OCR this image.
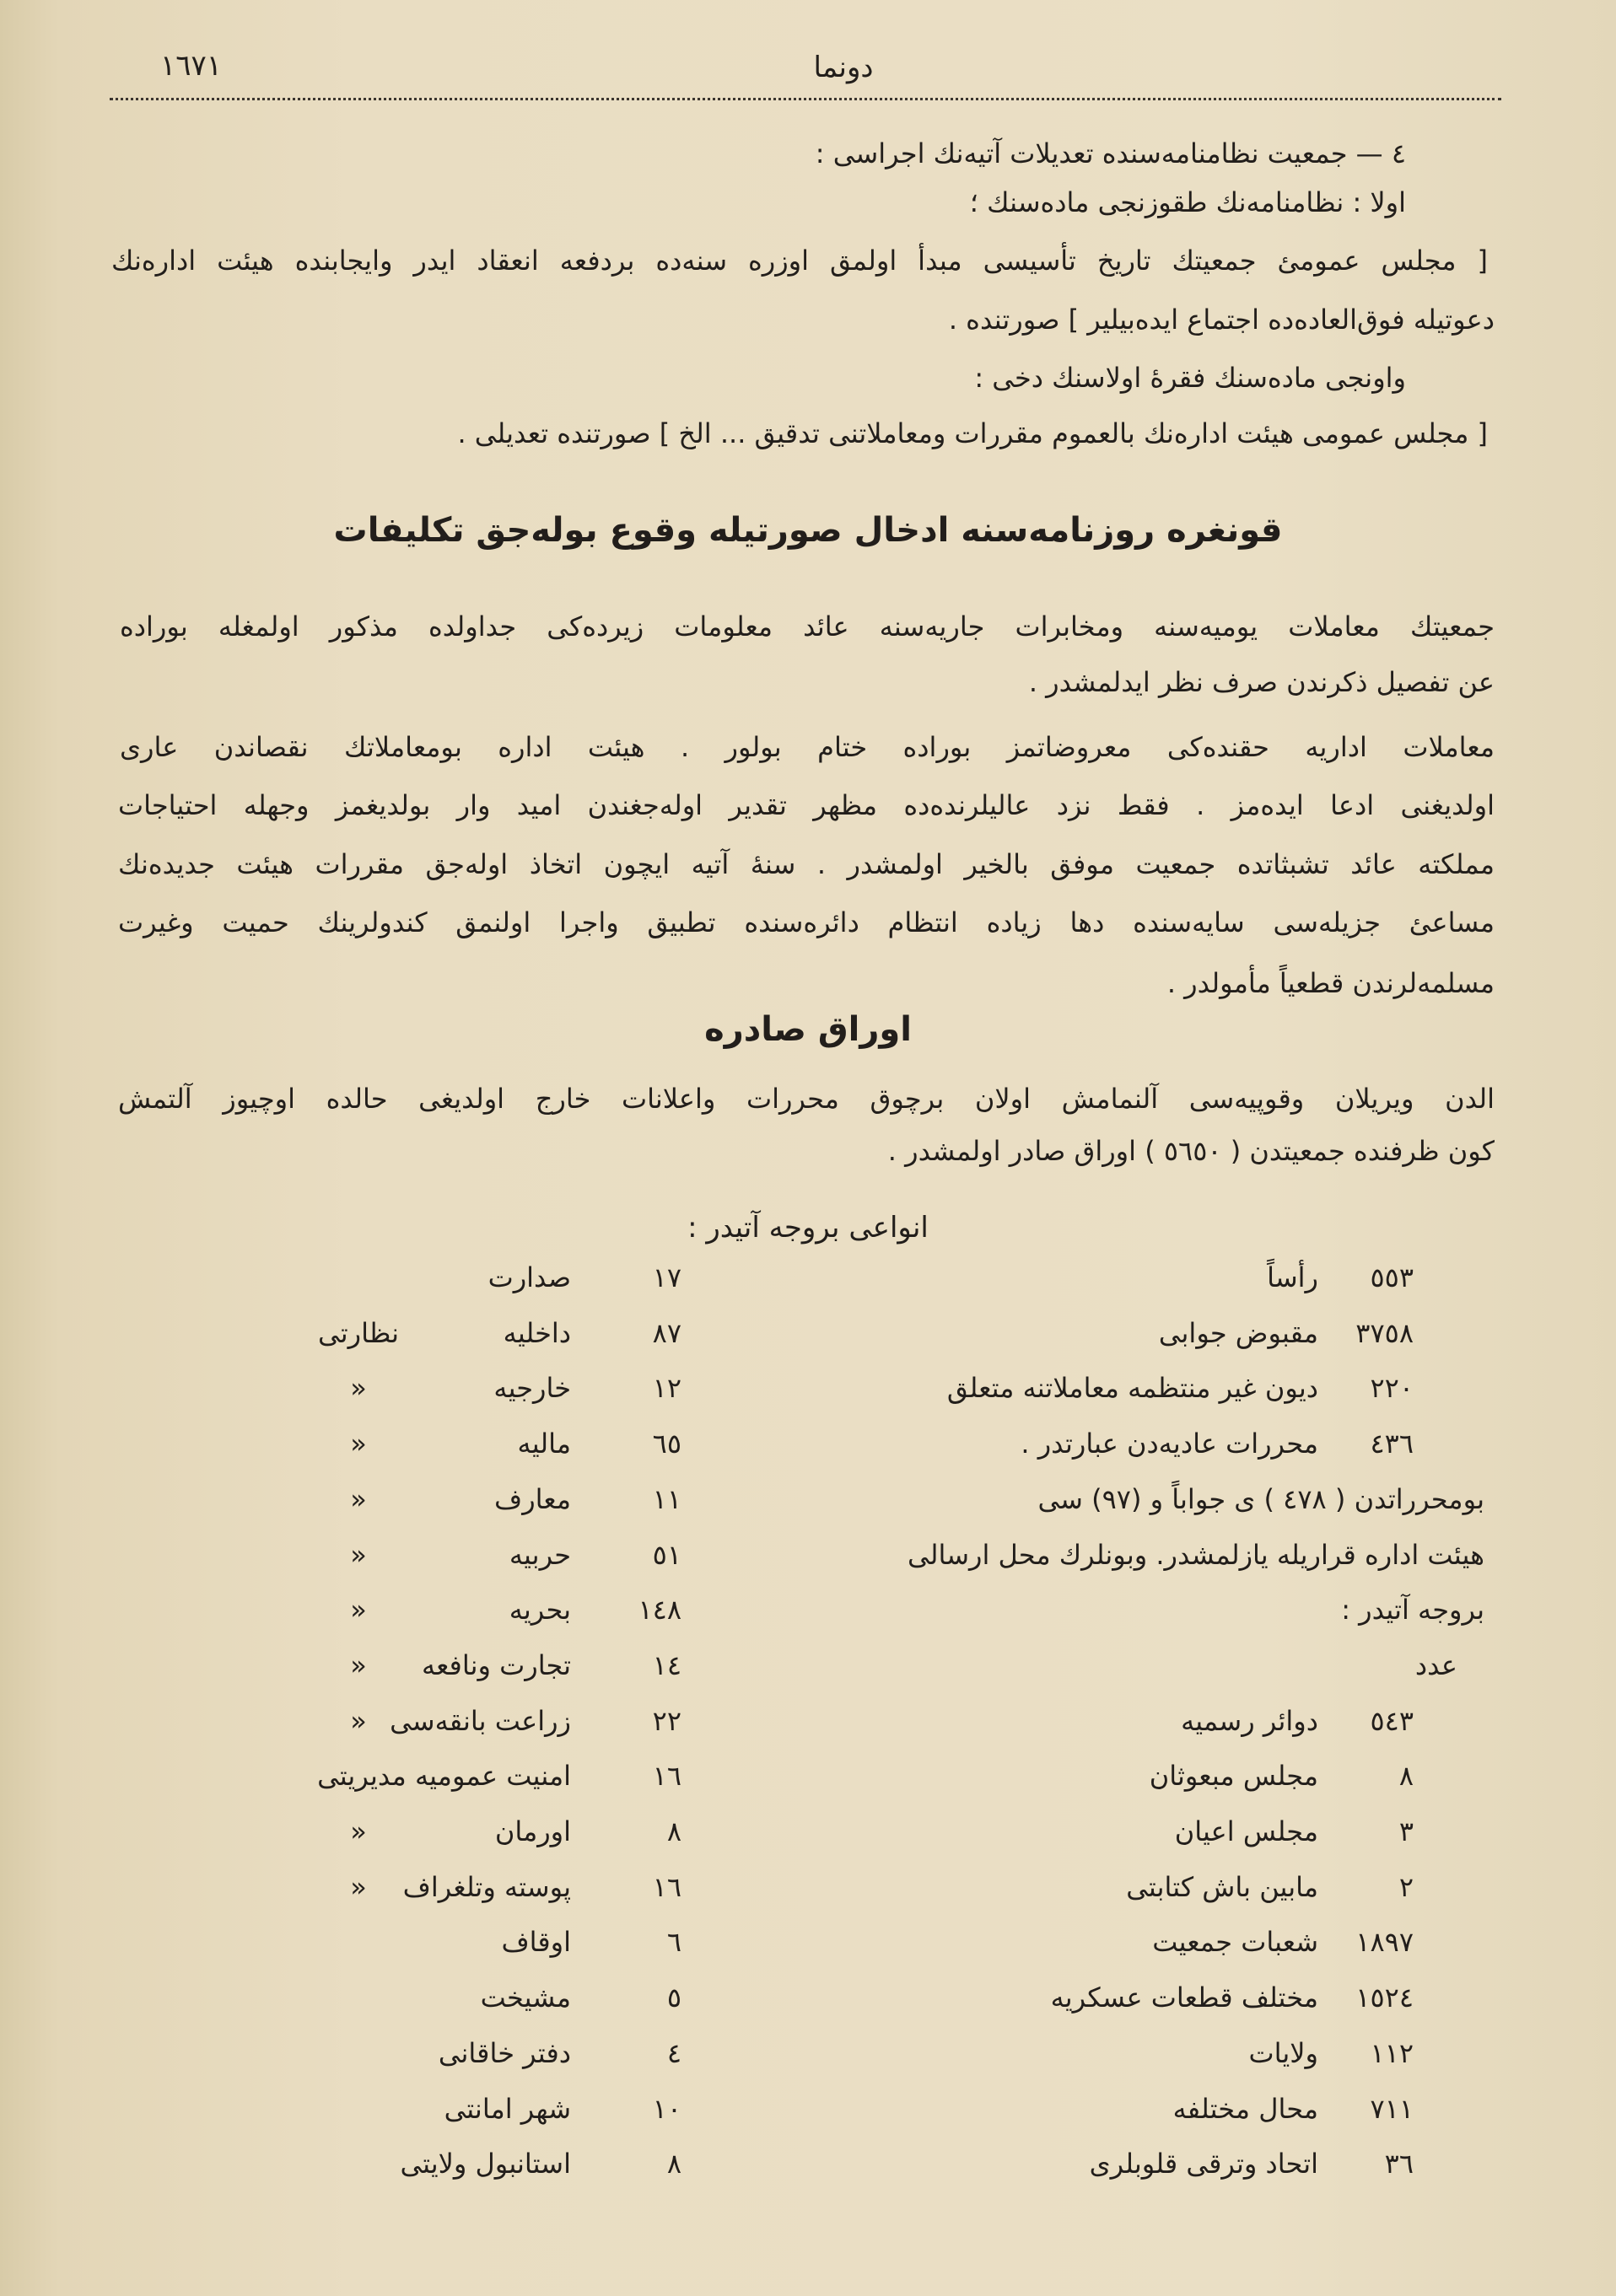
١٦٧١	دونما
٤ — جمعيت نظامنامه‌سنده تعديلات آتيه‌نك اجراسى :
اولا : نظامنامه‌نك طقوزنجى ماده‌سنك ؛
[ مجلس عمومئ جمعيتك تاريخ تأسيسى مبدأ اولمق اوزره سنه‌ده بردفعه انعقاد ايدر وايجابنده هيئت اداره‌نك
دعوتيله فوق‌العاده‌ده اجتماع ايده‌بيلير ] صورتنده .
واونجى ماده‌سنك فقرهٔ اولاسنك دخى :
[ مجلس عمومى هيئت اداره‌نك بالعموم مقررات ومعاملاتنى تدقيق ... الخ ] صورتنده تعديلى .
قونغره روزنامه‌سنه ادخال صورتيله وقوع بوله‌جق تكليفات
جمعيتك معاملات يوميه‌سنه ومخابرات جاريه‌سنه عائد معلومات زيرده‌كى جداولده مذكور اولمغله بوراده
عن تفصيل ذكرندن صرف نظر ايدلمشدر .
معاملات اداريه حقنده‌كى معروضاتمز بوراده ختام بولور . هيئت اداره بومعاملاتك نقصاندن عارى
اولديغنى ادعا ايده‌مز . فقط نزد عاليلرنده‌ده مظهر تقدير اوله‌جغندن اميد وار بولديغمز وجهله احتياجات
مملكته عائد تشبثاتده جمعيت موفق بالخير اولمشدر . سنهٔ آتيه ايچون اتخاذ اوله‌جق مقررات هيئت جديده‌نك
مساعئ جزيله‌سى سايه‌سنده دها زياده انتظام دائره‌سنده تطبيق واجرا اولنمق كندولرينك حميت وغيرت
مسلمه‌لرندن قطعياً مأمولدر .
اوراق صادره
الدن ويريلان وقوپيه‌سى آلنمامش اولان برچوق محررات واعلانات خارج اولديغى حالده اوچيوز آلتمش
كون ظرفنده جمعيتدن ( ٥٦٥٠ ) اوراق صادر اولمشدر .
انواعى بروجه آتيدر :
٥٥٣
رأساً
٣٧٥٨
مقبوض جوابى
٢٢٠
ديون غير منتظمه معاملاتنه متعلق
٤٣٦
محررات عاديه‌دن عبارتدر .
بومحرراتدن ( ٤٧٨ ) ى جواباً و (٩٧) سى
هيئت اداره قراريله يازلمشدر. وبونلرك محل ارسالى
بروجه آتيدر :
عدد
٥٤٣
دوائر رسميه
٨
مجلس مبعوثان
٣
مجلس اعيان
٢
مابين باش كتابتى
١٨٩٧
شعبات جمعيت
١٥٢٤
مختلف قطعات عسكريه
١١٢
ولايات
٧١١
محال مختلفه
٣٦
اتحاد وترقى قلوبلرى
١٧
صدارت
٨٧
داخليه
نظارتى
١٢
خارجيه
«
٦٥
ماليه
«
١١
معارف
«
٥١
حربيه
«
١٤٨
بحريه
«
١٤
تجارت ونافعه
«
٢٢
زراعت بانقه‌سى
«
١٦
امنيت عموميه مديريتى
٨
اورمان
«
١٦
پوسته وتلغراف
«
٦
اوقاف
٥
مشيخت
٤
دفتر خاقانى
١٠
شهر امانتى
٨
استانبول ولايتى
